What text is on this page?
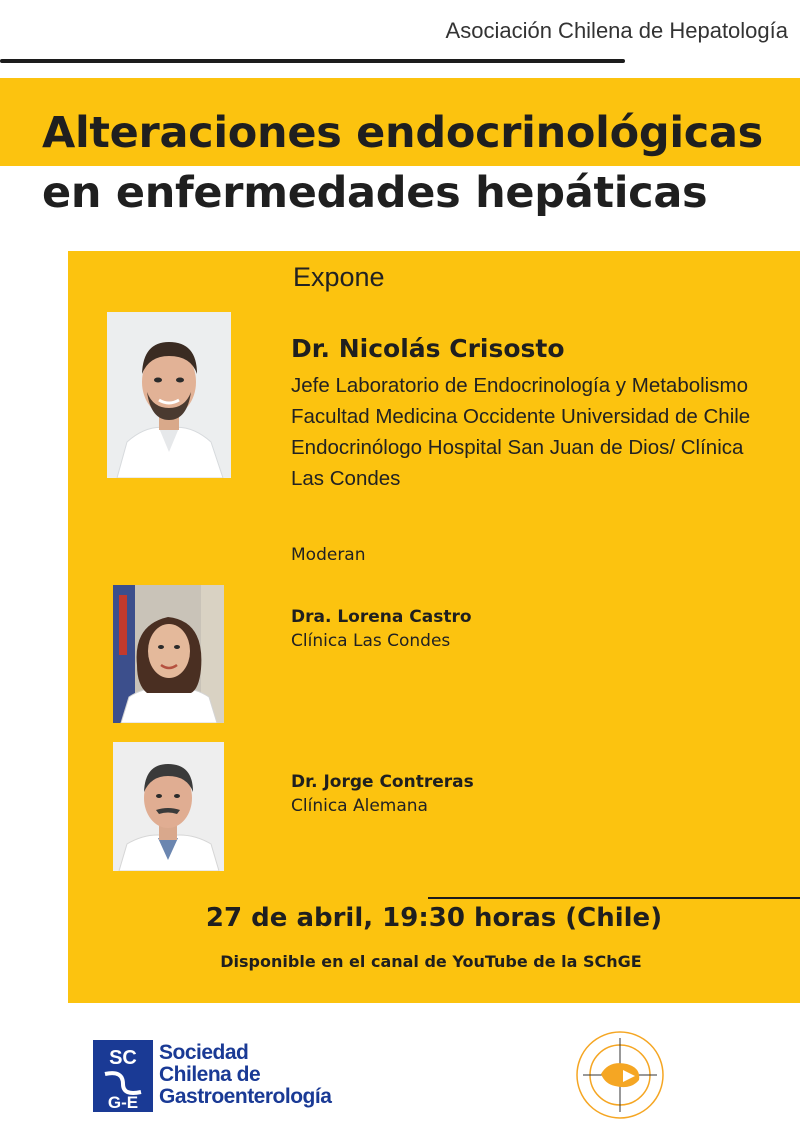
Asociación Chilena de Hepatología
Alteraciones endocrinológicas
en enfermedades hepáticas
Expone
Dr. Nicolás Crisosto
Jefe Laboratorio de Endocrinología y Metabolismo
Facultad Medicina Occidente Universidad de Chile
Endocrinólogo Hospital San Juan de Dios/ Clínica
Las Condes
Moderan
Dra. Lorena Castro
Clínica Las Condes
Dr. Jorge Contreras
Clínica Alemana
27 de abril, 19:30 horas (Chile)
Disponible en el canal de YouTube de la SChGE
SC
G-E
Sociedad
Chilena de
Gastroenterología
